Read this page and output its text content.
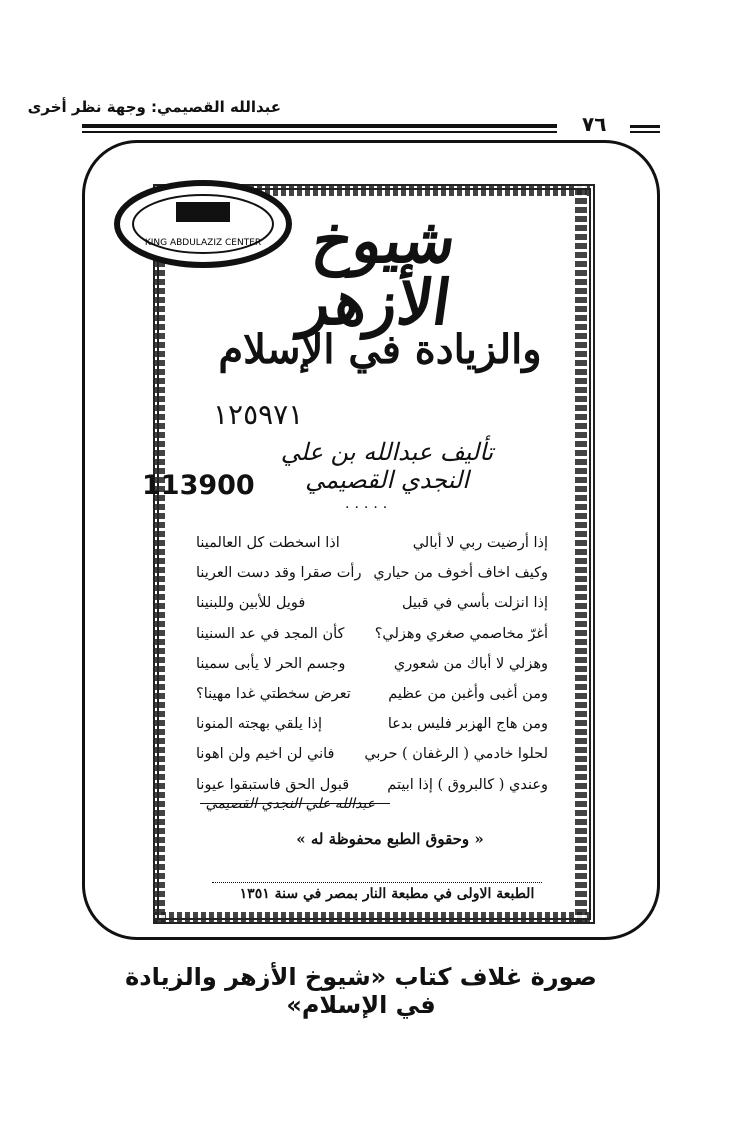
عبدالله القصيمي: وجهة نظر أخرى
٧٦
KING ABDULAZIZ CENTER شيوخ الأزهر
والزيادة في الإسلام
١٢٥٩٧١
تأليف عبدالله بن علي النجدي القصيمي
113900
.....
إذا أرضيت ربي لا أبالي
اذا اسخطت كل العالمينا
وكيف اخاف أخوف من حياري
رأت صقرا وقد دست العرينا
إذا انزلت بأسي في قبيل
فويل للأبين وللبنينا
أغرّ مخاصمي صغري وهزلي؟
كأن المجد في عد السنينا
وهزلي لا أباك من شعوري
وجسم الحر لا يأبى سمينا
ومن أغبى وأغبن من عظيم
تعرض سخطتي غدا مهينا؟
ومن هاج الهزبر فليس بدعا
إذا يلقي بهجته المنونا
لحلوا خادمي ( الرغفان ) حربي
فاني لن اخيم ولن اهونا
وعندي ( كالبروق ) إذا ابيتم
قبول الحق فاستبقوا عيونا
عبدالله علي النجدي القصيمي
« وحقوق الطبع محفوظة له »
الطبعة الاولى في مطبعة النار بمصر في سنة ١٣٥١
صورة غلاف كتاب «شيوخ الأزهر والزيادة في الإسلام»
